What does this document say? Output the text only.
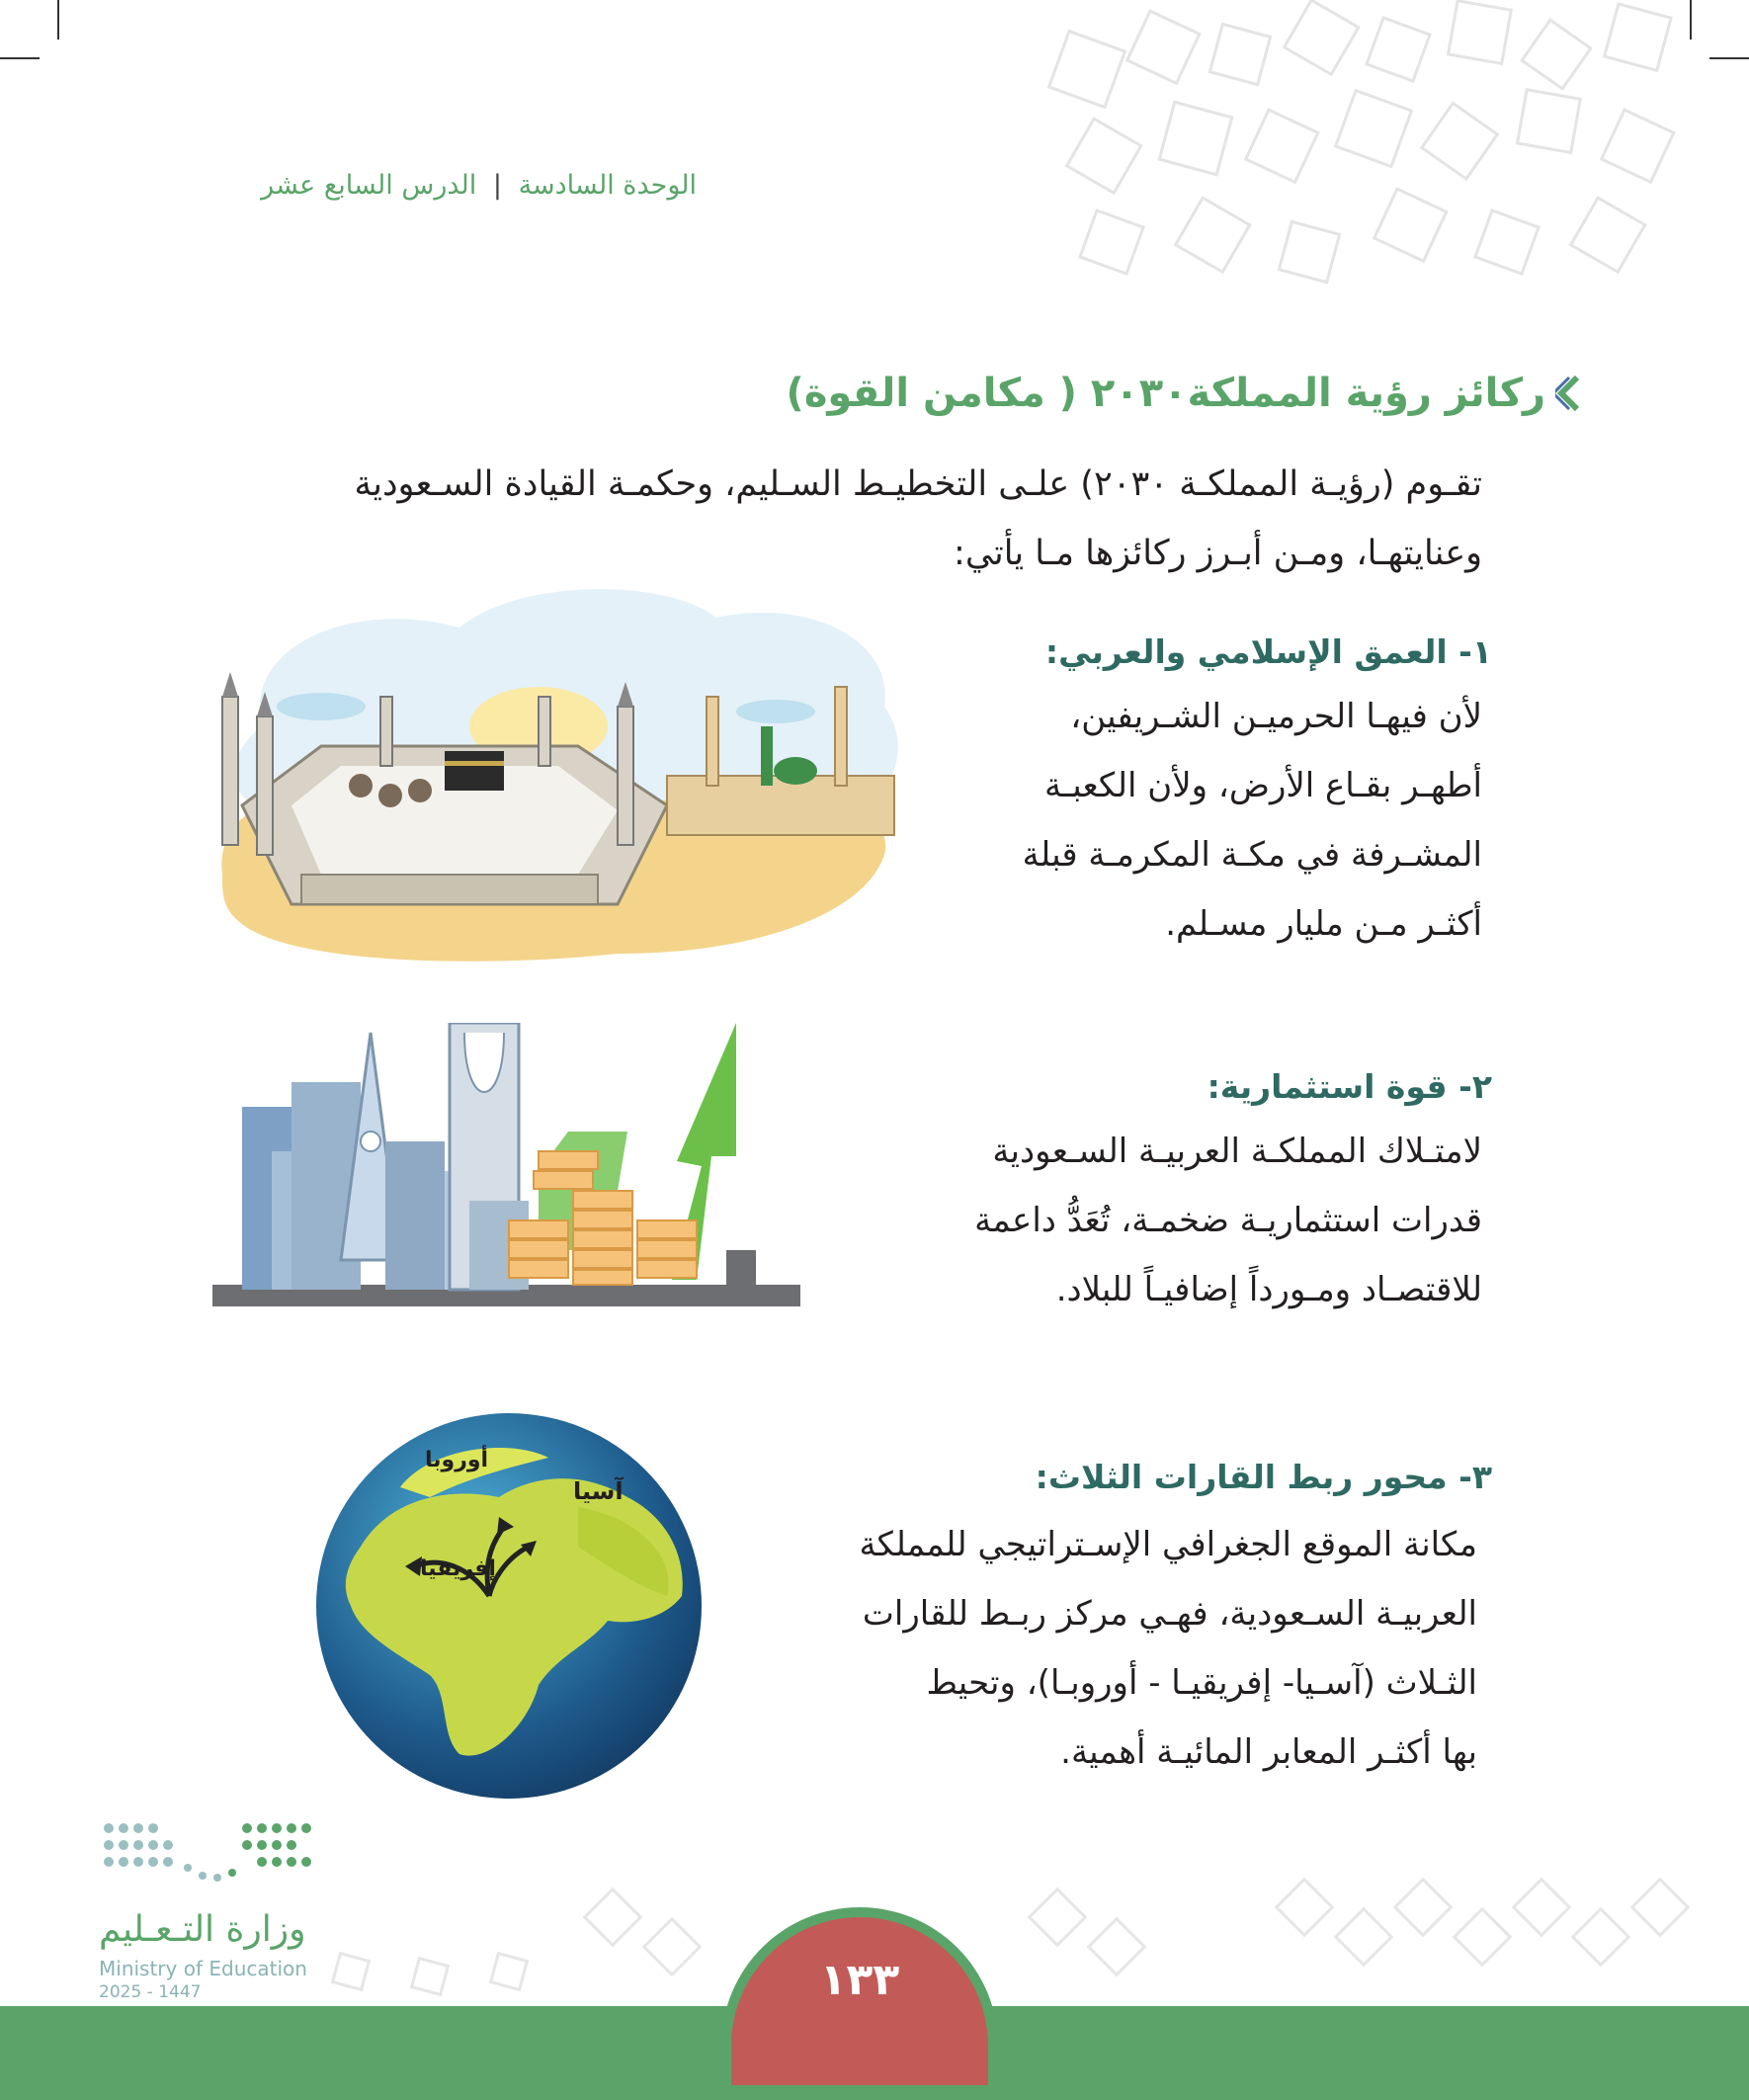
الوحدة السادسة | الدرس السابع عشر
ركائز رؤية المملكة٢٠٣٠ ( مكامن القوة)

تقـوم (رؤيـة المملكـة ٢٠٣٠) علـى التخطيـط السـليم، وحكمـة القيادة السـعودية

وعنايتهـا، ومـن أبـرز ركائزها مـا يأتي:

١- العمق الإسلامي والعربي:

لأن فيهـا الحرميـن الشـريفين،

أطهـر بقـاع الأرض، ولأن الكعبـة

المشـرفة في مكـة المكرمـة قبلة

أكثـر مـن مليار مسـلم.

٢- قوة استثمارية:

لامتـلاك المملكـة العربيـة السـعودية

قدرات استثماريـة ضخمـة، تُعَدُّ داعمة

للاقتصـاد ومـورداً إضافيـاً للبلاد.

٣- محور ربط القارات الثلاث:

مكانة الموقع الجغرافي الإسـتراتيجي للمملكة

العربيـة السـعودية، فهـي مركز ربـط للقارات

الثـلاث (آسـيا- إفريقيـا - أوروبـا)، وتحيط

بها أكثـر المعابر المائيـة أهمية.

أوروبا
آسيا
إفريقيا
وزارة التـعـليم
Ministry of Education
2025 - 1447	١٣٣
